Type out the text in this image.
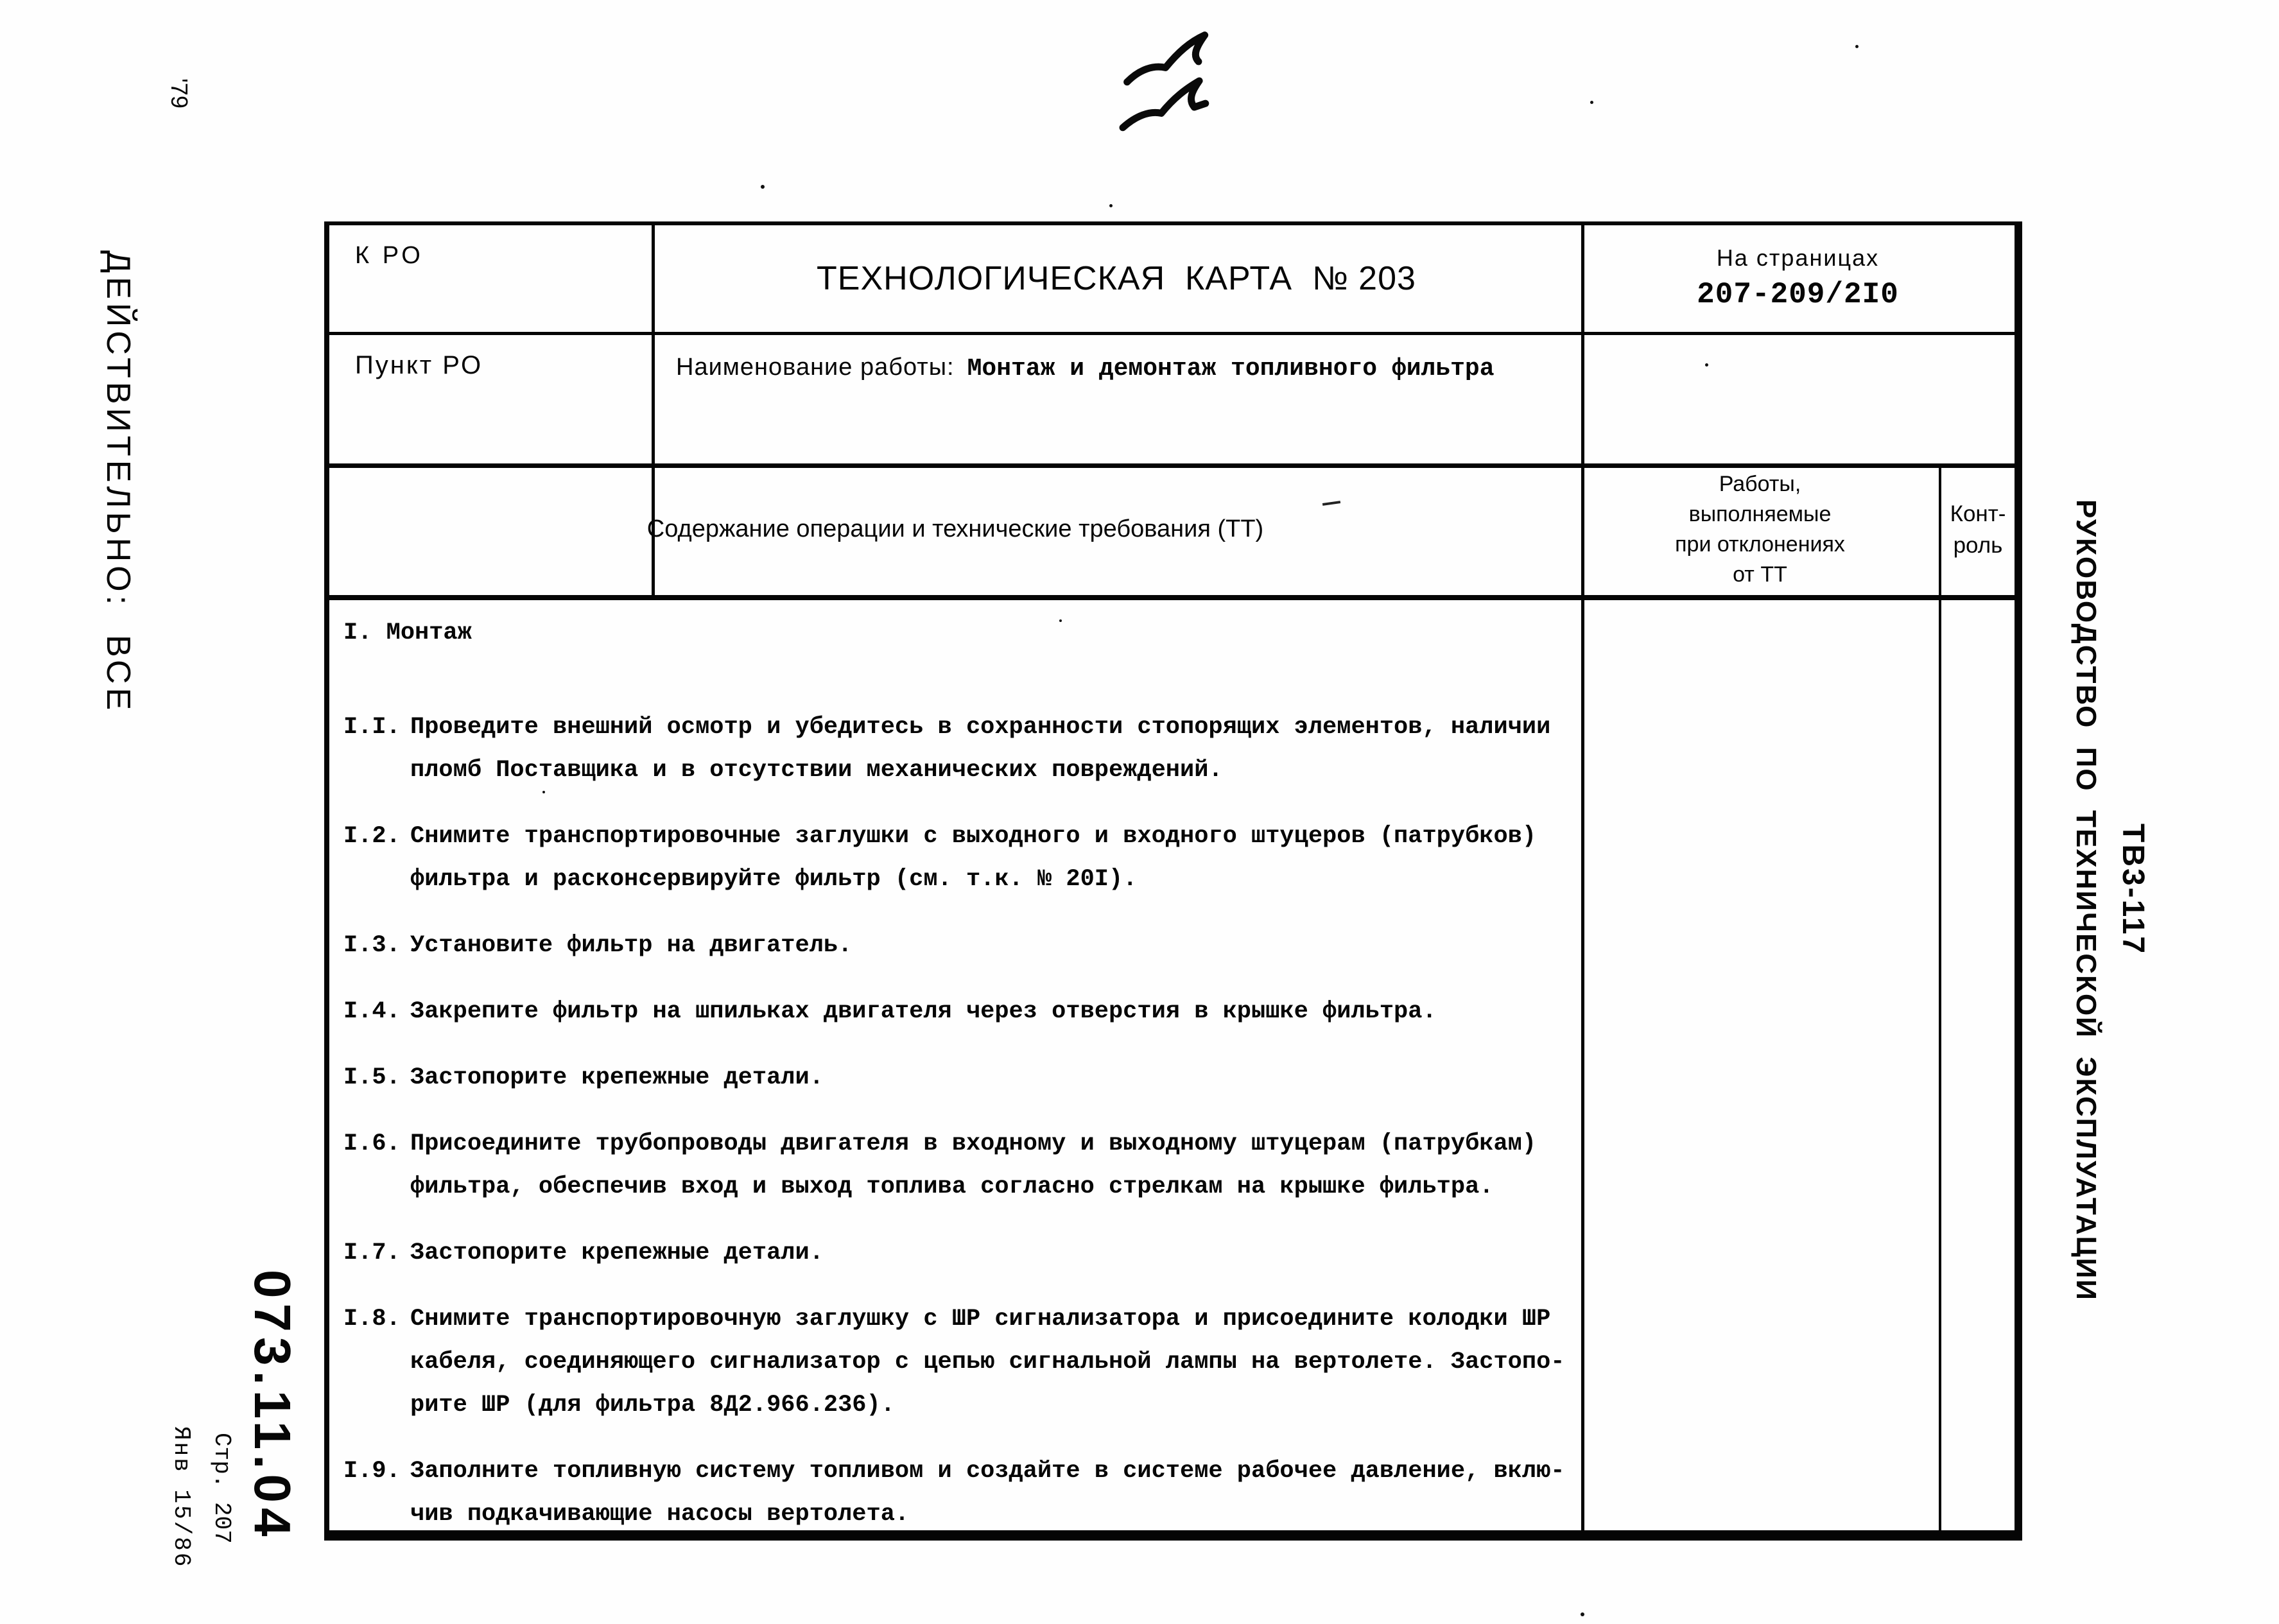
'79
ДЕЙСТВИТЕЛЬНО:  ВСЕ
073.11.04
Стр. 207
Янв 15/86
ТВ3-117
РУКОВОДСТВО  ПО  ТЕХНИЧЕСКОЙ  ЭКСПЛУАТАЦИИ
К РО
ТЕХНОЛОГИЧЕСКАЯ  КАРТА  № 203
На страницах
207-209/2I0
Пункт РО	Наименование работы: Монтаж и демонтаж топливного фильтра
Содержание операции и технические требования (ТТ)
Работы,
выполняемые
при отклонениях
от ТТ
Конт-
роль
I. Монтаж
I.I. Проведите внешний осмотр и убедитесь в сохранности стопорящих элементов, наличии
пломб Поставщика и в отсутствии механических повреждений.
I.2. Снимите транспортировочные заглушки с выходного и входного штуцеров (патрубков)
фильтра и расконсервируйте фильтр (см. т.к. № 20I).
I.3. Установите фильтр на двигатель.
I.4. Закрепите фильтр на шпильках двигателя через отверстия в крышке фильтра.
I.5. Застопорите крепежные детали.
I.6. Присоедините трубопроводы двигателя в входному и выходному штуцерам (патрубкам)
фильтра, обеспечив вход и выход топлива согласно стрелкам на крышке фильтра.
I.7. Застопорите крепежные детали.
I.8. Снимите транспортировочную заглушку с ШР сигнализатора и присоедините колодки ШР
кабеля, соединяющего сигнализатор с цепью сигнальной лампы на вертолете. Застопо-
рите ШР (для фильтра 8Д2.966.236).
I.9. Заполните топливную систему топливом и создайте в системе рабочее давление, вклю-
чив подкачивающие насосы вертолета.
